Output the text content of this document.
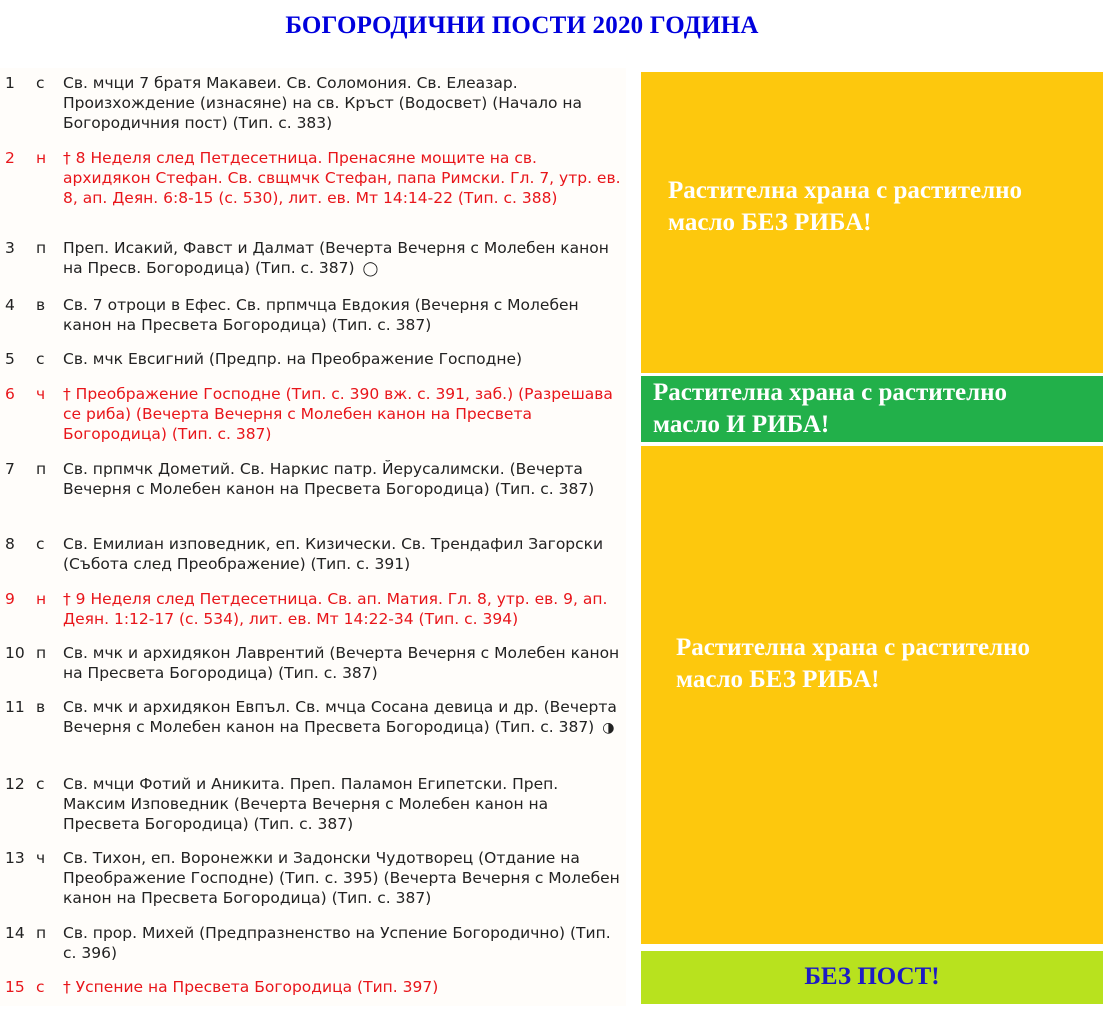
БОГОРОДИЧНИ ПОСТИ 2020 ГОДИНА
1	с	Св. мчци 7 братя Макавеи. Св. Соломония. Св. Елеазар. Произхождение (изнасяне) на св. Кръст (Водосвет) (Начало на Богородичния пост) (Тип. с. 383)
2	н	† 8 Неделя след Петдесетница. Пренасяне мощите на св. архидякон Стефан. Св. свщмчк Стефан, папа Римски. Гл. 7, утр. ев. 8, ап. Деян. 6:8-15 (с. 530), лит. ев. Мт 14:14-22 (Тип. с. 388)
3	п	Преп. Исакий, Фавст и Далмат (Вечерта Вечерня с Молебен канон на Пресв. Богородица) (Тип. с. 387) ◯
4	в	Св. 7 отроци в Ефес. Св. прпмчца Евдокия (Вечерня с Молебен канон на Пресвета Богородица) (Тип. с. 387)
5	с	Св. мчк Евсигний (Предпр. на Преображение Господне)
6	ч	† Преображение Господне (Тип. с. 390 вж. с. 391, заб.) (Разрешава се риба) (Вечерта Вечерня с Молебен канон на Пресвета Богородица) (Тип. с. 387)
7	п	Св. прпмчк Дометий. Св. Наркис патр. Йерусалимски. (Вечерта Вечерня с Молебен канон на Пресвета Богородица) (Тип. с. 387)
8	с	Св. Емилиан изповедник, еп. Кизически. Св. Трендафил Загорски (Събота след Преображение) (Тип. с. 391)
9	н	† 9 Неделя след Петдесетница. Св. ап. Матия. Гл. 8, утр. ев. 9, ап. Деян. 1:12-17 (с. 534), лит. ев. Мт 14:22-34 (Тип. с. 394)
10 п	Св. мчк и архидякон Лаврентий (Вечерта Вечерня с Молебен канон на Пресвета Богородица) (Тип. с. 387)
11 в	Св. мчк и архидякон Евпъл. Св. мчца Сосана девица и др. (Вечерта Вечерня с Молебен канон на Пресвета Богородица) (Тип. с. 387) ◑
12 с	Св. мчци Фотий и Аникита. Преп. Паламон Египетски. Преп. Максим Изповедник (Вечерта Вечерня с Молебен канон на Пресвета Богородица) (Тип. с. 387)
13 ч	Св. Тихон, еп. Воронежки и Задонски Чудотворец (Отдание на Преображение Господне) (Тип. с. 395) (Вечерта Вечерня с Молебен канон на Пресвета Богородица) (Тип. с. 387)
14 п	Св. прор. Михей (Предпразненство на Успение Богородично) (Тип. с. 396)
15 с	† Успение на Пресвета Богородица (Тип. 397)
Растителна храна с растително
масло БЕЗ РИБА!
Растителна храна с растително
масло И РИБА!
Растителна храна с растително
масло БЕЗ РИБА!
БЕЗ ПОСТ!
